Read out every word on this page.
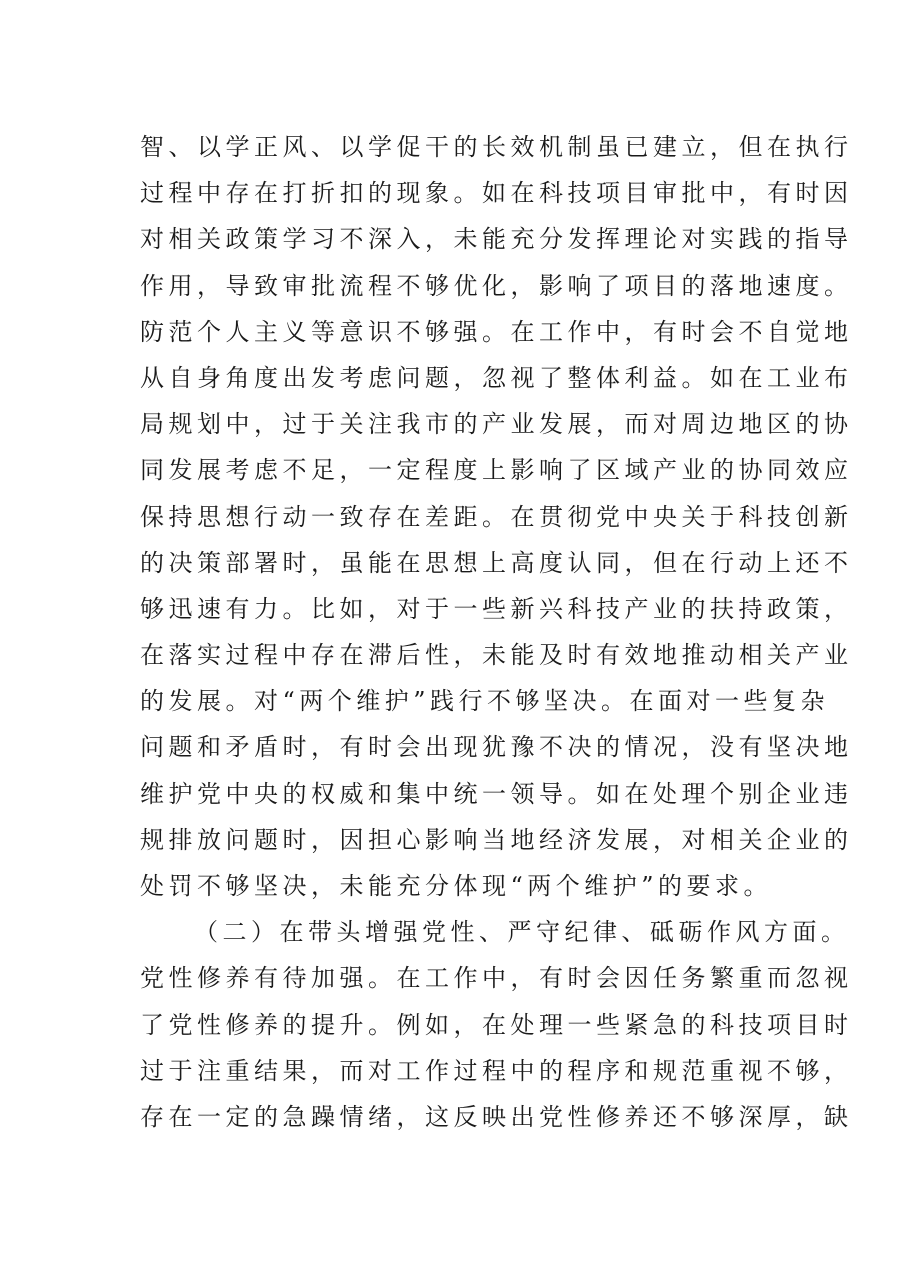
智、以学正风、以学促干的长效机制虽已建立，但在执行
过程中存在打折扣的现象。如在科技项目审批中，有时因
对相关政策学习不深入，未能充分发挥理论对实践的指导
作用，导致审批流程不够优化，影响了项目的落地速度。
防范个人主义等意识不够强。在工作中，有时会不自觉地
从自身角度出发考虑问题，忽视了整体利益。如在工业布
局规划中，过于关注我市的产业发展，而对周边地区的协
同发展考虑不足，一定程度上影响了区域产业的协同效应
保持思想行动一致存在差距。在贯彻党中央关于科技创新
的决策部署时，虽能在思想上高度认同，但在行动上还不
够迅速有力。比如，对于一些新兴科技产业的扶持政策，
在落实过程中存在滞后性，未能及时有效地推动相关产业
的发展。对“两个维护”践行不够坚决。在面对一些复杂
问题和矛盾时，有时会出现犹豫不决的情况，没有坚决地
维护党中央的权威和集中统一领导。如在处理个别企业违
规排放问题时，因担心影响当地经济发展，对相关企业的
处罚不够坚决，未能充分体现“两个维护”的要求。
（二）在带头增强党性、严守纪律、砥砺作风方面。
党性修养有待加强。在工作中，有时会因任务繁重而忽视
了党性修养的提升。例如，在处理一些紧急的科技项目时
过于注重结果，而对工作过程中的程序和规范重视不够，
存在一定的急躁情绪，这反映出党性修养还不够深厚，缺
